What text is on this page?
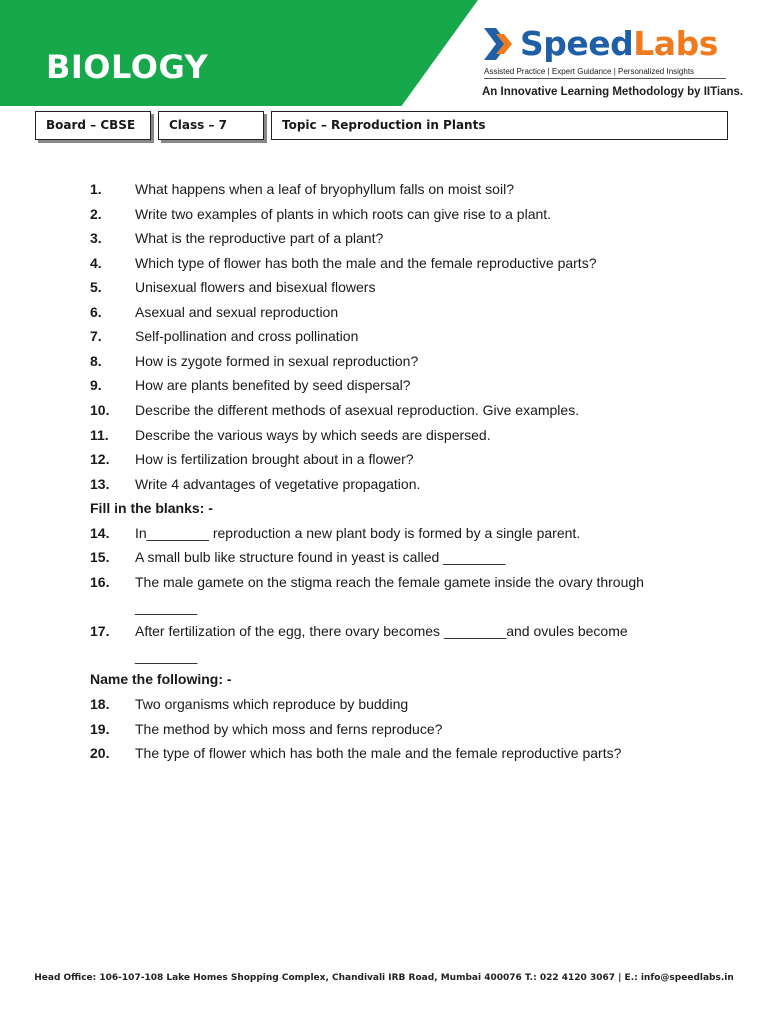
BIOLOGY
SpeedLabs
Assisted Practice | Expert Guidance | Personalized Insights
An Innovative Learning Methodology by IITians.
Board – CBSE	Class – 7	Topic – Reproduction in Plants
1. What happens when a leaf of bryophyllum falls on moist soil?
2. Write two examples of plants in which roots can give rise to a plant.
3. What is the reproductive part of a plant?
4. Which type of flower has both the male and the female reproductive parts?
5. Unisexual flowers and bisexual flowers
6. Asexual and sexual reproduction
7. Self-pollination and cross pollination
8. How is zygote formed in sexual reproduction?
9. How are plants benefited by seed dispersal?
10. Describe the different methods of asexual reproduction. Give examples.
11. Describe the various ways by which seeds are dispersed.
12. How is fertilization brought about in a flower?
13. Write 4 advantages of vegetative propagation.
Fill in the blanks: -
14. In________ reproduction a new plant body is formed by a single parent.
15. A small bulb like structure found in yeast is called ________
16. The male gamete on the stigma reach the female gamete inside the ovary through
________
17. After fertilization of the egg, there ovary becomes ________and ovules become
________
Name the following: -
18. Two organisms which reproduce by budding
19. The method by which moss and ferns reproduce?
20. The type of flower which has both the male and the female reproductive parts?
Head Office: 106-107-108 Lake Homes Shopping Complex, Chandivali IRB Road, Mumbai 400076 T.: 022 4120 3067 | E.: info@speedlabs.in
